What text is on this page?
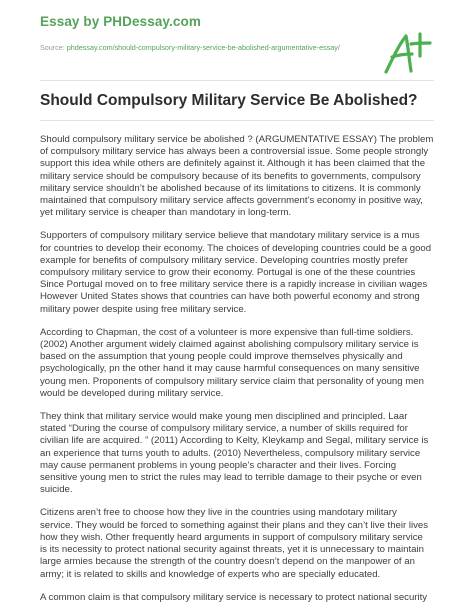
Essay by PHDessay.com
Source: phdessay.com/should-compulsory-military-service-be-abolished-argumentative-essay/
Should Compulsory Military Service Be Abolished?

Should compulsory military service be abolished ? (ARGUMENTATIVE ESSAY) The problem
of compulsory military service has always been a controversial issue. Some people strongly
support this idea while others are definitely against it. Although it has been claimed that the
military service should be compulsory because of its benefits to governments, compulsory
military service shouldn’t be abolished because of its limitations to citizens. It is commonly
maintained that compulsory military service affects government’s economy in positive way,
yet military service is cheaper than mandotary in long-term.

Supporters of compulsory military service believe that mandotary military service is a mus
for countries to develop their economy. The choices of developing countries could be a good
example for benefits of compulsory military service. Developing countries mostly prefer
compulsory military service to grow their economy. Portugal is one of the these countries
Since Portugal moved on to free military service there is a rapidly increase in civilian wages
However United States shows that countries can have both powerful economy and strong
military power despite using free military service.

According to Chapman, the cost of a volunteer is more expensive than full-time soldiers.
(2002) Another argument widely claimed against abolishing compulsory military service is
based on the assumption that young people could improve themselves physically and
psychologically, pn the other hand it may cause harmful consequences on many sensitive
young men. Proponents of compulsory military service claim that personality of young men
would be developed during military service.

They think that military service would make young men disciplined and principled. Laar
stated “During the course of compulsory military service, a number of skills required for
civilian life are acquired. ” (2011) According to Kelty, Kleykamp and Segal, military service is
an experience that turns youth to adults. (2010) Nevertheless, compulsory military service
may cause permanent problems in young people’s character and their lives. Forcing
sensitive young men to strict the rules may lead to terrible damage to their psyche or even
suicide.

Citizens aren’t free to choose how they live in the countries using mandotary military
service. They would be forced to something against their plans and they can’t live their lives
how they wish. Other frequently heard arguments in support of compulsory military service
is its necessity to protect national security against threats, yet it is unnecessary to maintain
large armies because the strength of the country doesn’t depend on the manpower of an
army; it is related to skills and knowledge of experts who are specially educated.

A common claim is that compulsory military service is necessary to protect national security
